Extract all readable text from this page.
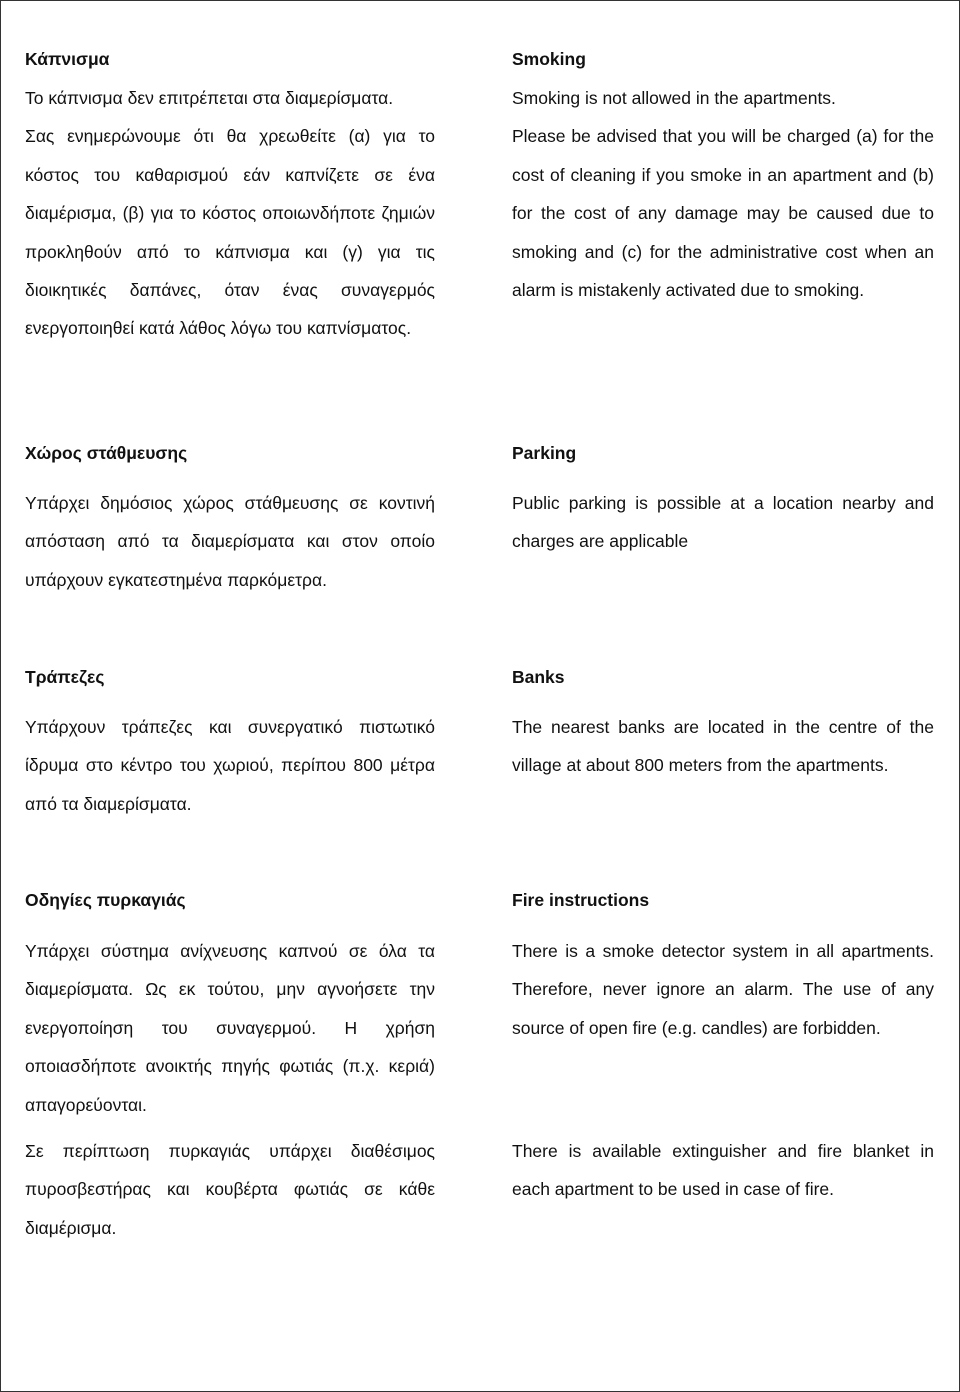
Κάπνισμα

Το κάπνισμα δεν επιτρέπεται στα διαμερίσματα.

Σας ενημερώνουμε ότι θα χρεωθείτε (α) για το κόστος του καθαρισμού εάν καπνίζετε σε ένα διαμέρισμα, (β) για το κόστος οποιωνδήποτε ζημιών προκληθούν από το κάπνισμα και (γ) για τις διοικητικές δαπάνες, όταν ένας συναγερμός ενεργοποιηθεί κατά λάθος λόγω του καπνίσματος.

Smoking

Smoking is not allowed in the apartments.

Please be advised that you will be charged (a) for the cost of cleaning if you smoke in an apartment and (b) for the cost of any damage may be caused due to smoking and (c) for the administrative cost when an alarm is mistakenly activated due to smoking.

Χώρος στάθμευσης

Υπάρχει δημόσιος χώρος στάθμευσης σε κοντινή απόσταση από τα διαμερίσματα και στον οποίο υπάρχουν εγκατεστημένα παρκόμετρα.

Parking

Public parking is possible at a location nearby and charges are applicable

Τράπεζες

Υπάρχουν τράπεζες και συνεργατικό πιστωτικό ίδρυμα στο κέντρο του χωριού, περίπου 800 μέτρα από τα διαμερίσματα.

Banks

The nearest banks are located in the centre of the village at about 800 meters from the apartments.

Οδηγίες πυρκαγιάς

Υπάρχει σύστημα ανίχνευσης καπνού σε όλα τα διαμερίσματα. Ως εκ τούτου, μην αγνοήσετε την ενεργοποίηση του συναγερμού. Η χρήση οποιασδήποτε ανοικτής πηγής φωτιάς (π.χ. κεριά) απαγορεύονται.

Σε περίπτωση πυρκαγιάς υπάρχει διαθέσιμος πυροσβεστήρας και κουβέρτα φωτιάς σε κάθε διαμέρισμα.

Fire instructions

There is a smoke detector system in all apartments. Therefore, never ignore an alarm. The use of any source of open fire (e.g. candles) are forbidden.

There is available extinguisher and fire blanket in each apartment to be used in case of fire.
